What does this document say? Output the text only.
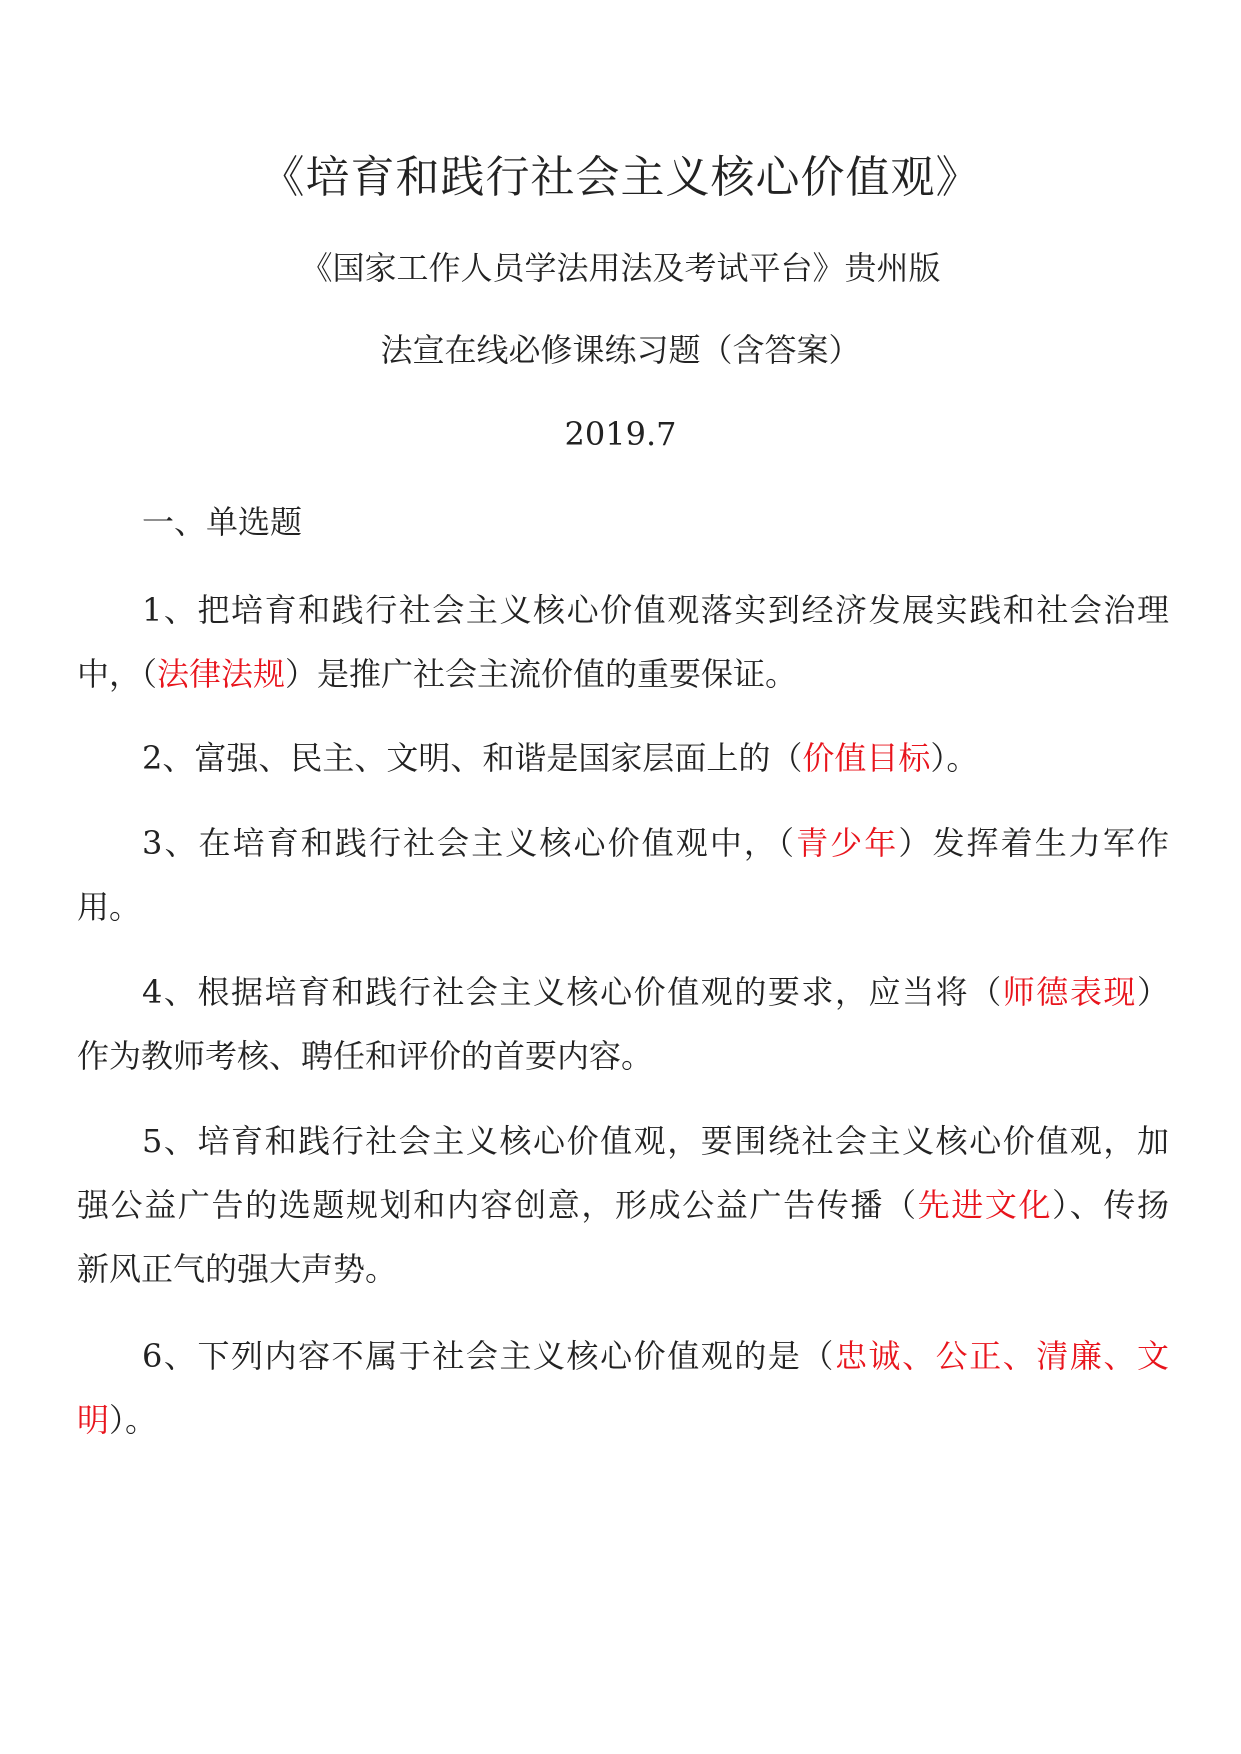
《培育和践行社会主义核心价值观》
《国家工作人员学法用法及考试平台》贵州版
法宣在线必修课练习题（含答案）
2019.7
一、单选题
1、把培育和践行社会主义核心价值观落实到经济发展实践和社会治理
中，（法律法规）是推广社会主流价值的重要保证。
2、富强、民主、文明、和谐是国家层面上的（价值目标）。
3、在培育和践行社会主义核心价值观中，（青少年）发挥着生力军作
用。
4、根据培育和践行社会主义核心价值观的要求，应当将（师德表现）
作为教师考核、聘任和评价的首要内容。
5、培育和践行社会主义核心价值观，要围绕社会主义核心价值观，加
强公益广告的选题规划和内容创意，形成公益广告传播（先进文化）、传扬
新风正气的强大声势。
6、下列内容不属于社会主义核心价值观的是（忠诚、公正、清廉、文
明）。
